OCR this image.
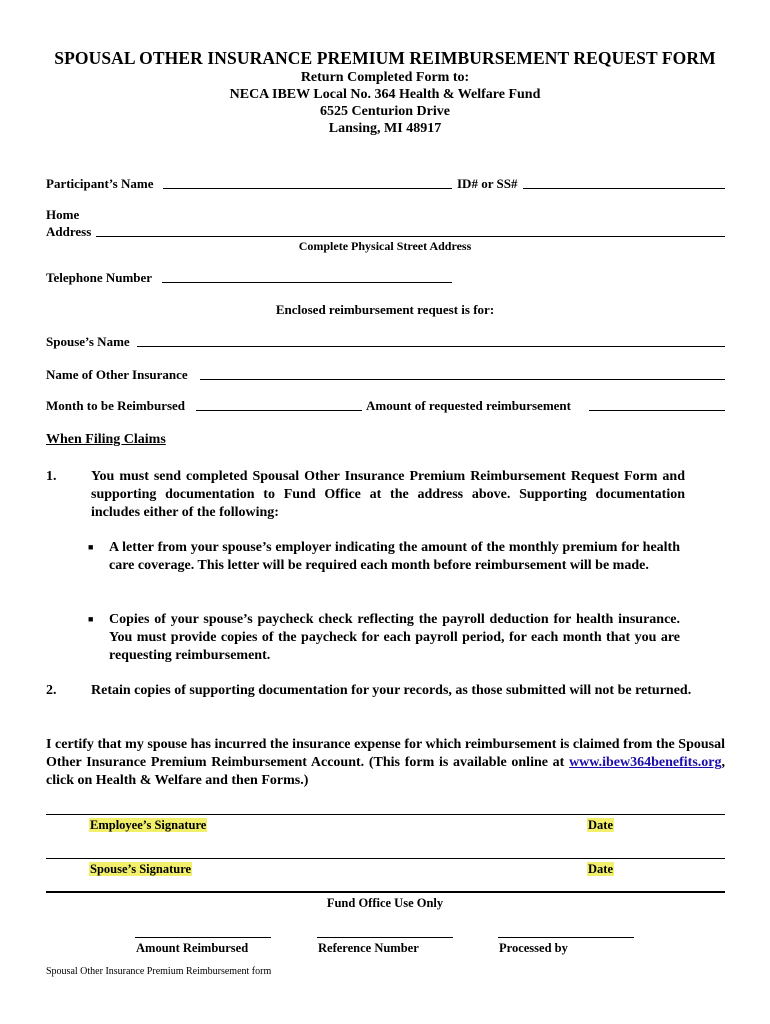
SPOUSAL OTHER INSURANCE PREMIUM REIMBURSEMENT REQUEST FORM
Return Completed Form to:
NECA IBEW Local No. 364 Health & Welfare Fund
6525 Centurion Drive
Lansing, MI 48917
Participant’s Name	ID# or SS#
Home
Address
Complete Physical Street Address
Telephone Number
Enclosed reimbursement request is for:
Spouse’s Name
Name of Other Insurance
Month to be Reimbursed	Amount of requested reimbursement
When Filing Claims
1.	You must send completed Spousal Other Insurance Premium Reimbursement Request Form and supporting documentation to Fund Office at the address above. Supporting documentation includes either of the following:
■ A letter from your spouse’s employer indicating the amount of the monthly premium for health care coverage. This letter will be required each month before reimbursement will be made.
■ Copies of your spouse’s paycheck check reflecting the payroll deduction for health insurance. You must provide copies of the paycheck for each payroll period, for each month that you are requesting reimbursement.
2.	Retain copies of supporting documentation for your records, as those submitted will not be returned.
I certify that my spouse has incurred the insurance expense for which reimbursement is claimed from the Spousal Other Insurance Premium Reimbursement Account. (This form is available online at www.ibew364benefits.org, click on Health & Welfare and then Forms.)
Employee’s Signature	Date
Spouse’s Signature	Date
Fund Office Use Only
Amount Reimbursed	Reference Number	Processed by
Spousal Other Insurance Premium Reimbursement form
